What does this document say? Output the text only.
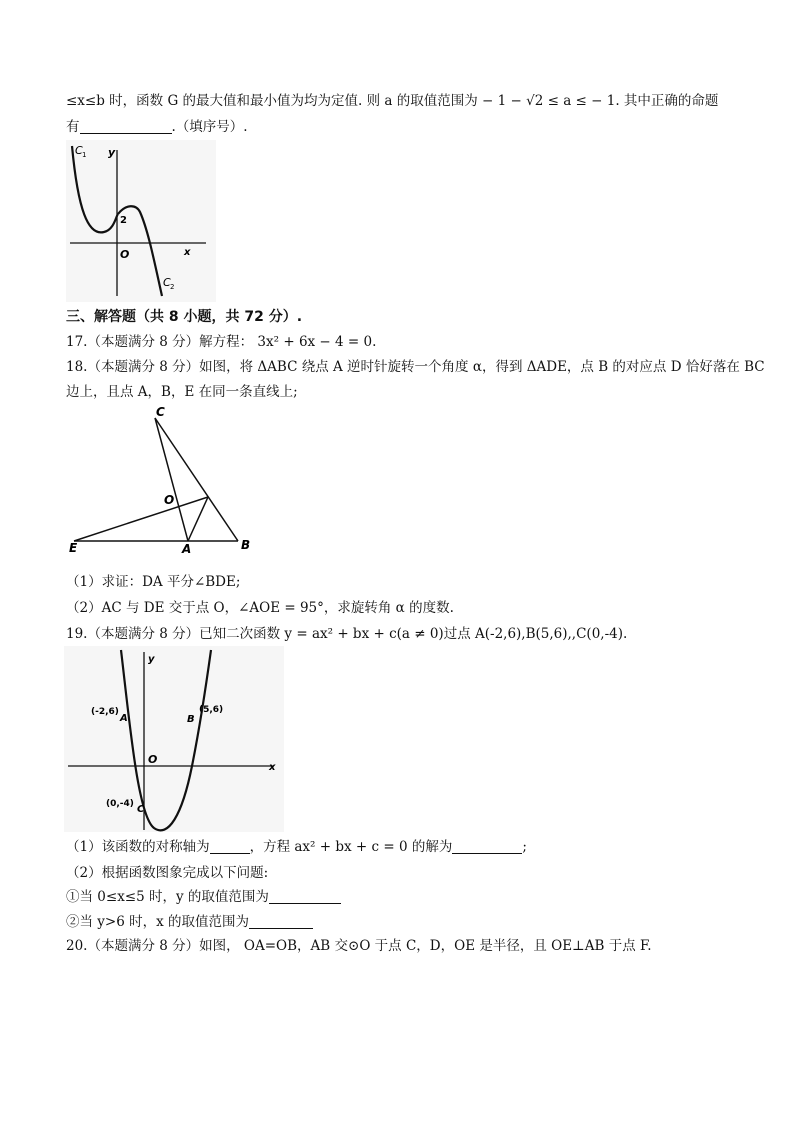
≤x≤b 时，函数 G 的最大值和最小值为均为定值. 则 a 的取值范围为 − 1 − √2 ≤ a ≤ − 1. 其中正确的命题
有	.（填序号）.
C 1 y
2
O	x
C 2
三、解答题（共 8 小题，共 72 分）.
17.（本题满分 8 分）解方程： 3x² + 6x − 4 = 0.
18.（本题满分 8 分）如图，将 ΔABC 绕点 A 逆时针旋转一个角度 α，得到 ΔADE，点 B 的对应点 D 恰好落在 BC
边上，且点 A，B，E 在同一条直线上;
C
O
E	A	B
（1）求证：DA 平分∠BDE;
（2）AC 与 DE 交于点 O，∠AOE = 95°，求旋转角 α 的度数.
19.（本题满分 8 分）已知二次函数 y = ax² + bx + c(a ≠ 0)过点 A(-2,6),B(5,6),,C(0,-4).
y
x
O
(-2,6)
A
(5,6)
B
(0,-4) C
（1）该函数的对称轴为	，方程 ax² + bx + c = 0 的解为	;
（2）根据函数图象完成以下问题:
①当 0≤x≤5 时，y 的取值范围为
②当 y>6 时，x 的取值范围为
20.（本题满分 8 分）如图， OA=OB，AB 交⊙O 于点 C，D，OE 是半径，且 OE⊥AB 于点 F.
